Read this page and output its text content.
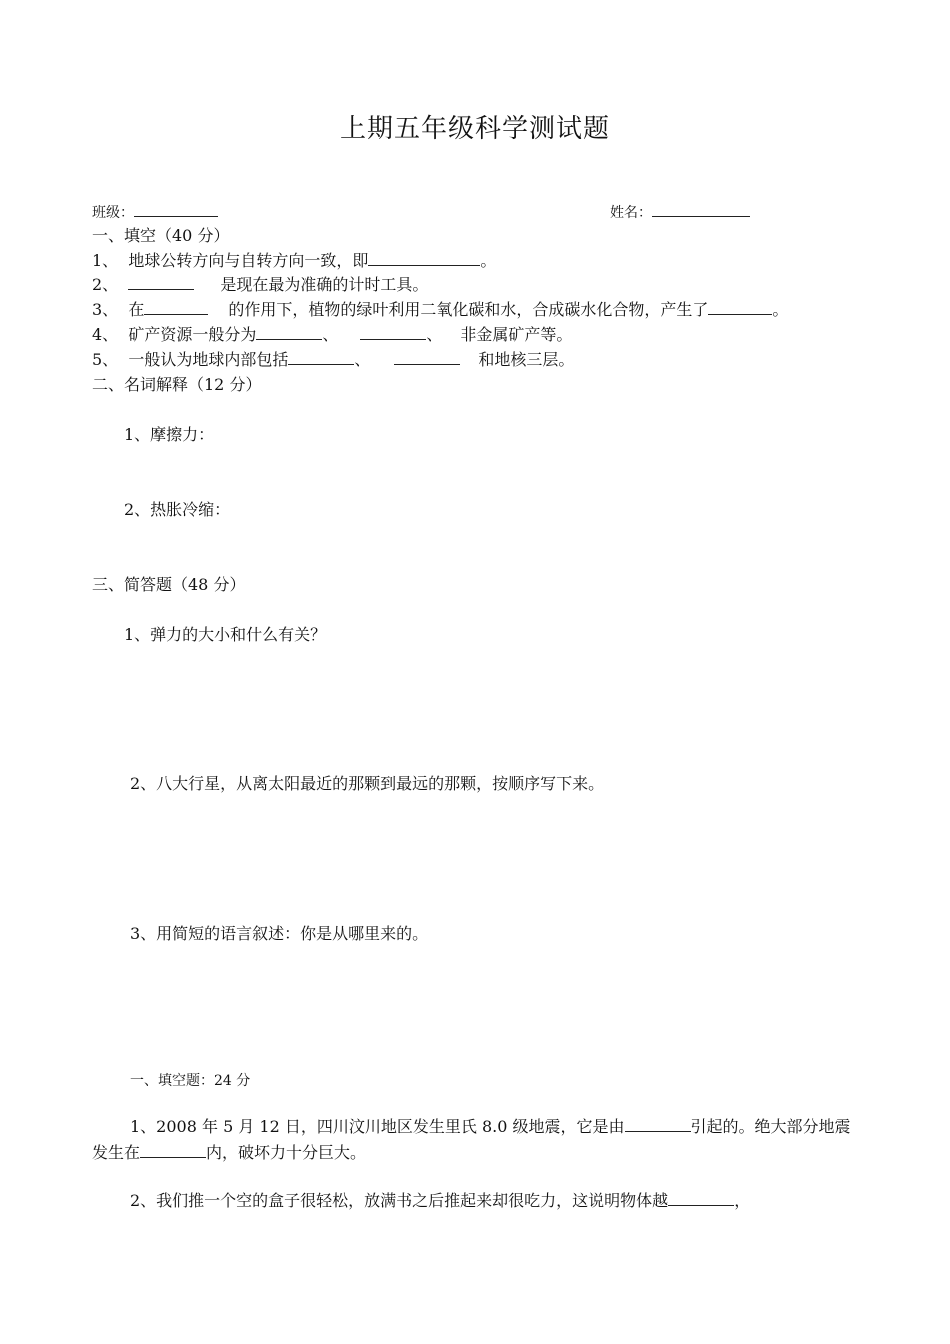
上期五年级科学测试题
班级：	姓名：
一、填空（40 分）
1、 地球公转方向与自转方向一致，即	。
2、	是现在最为准确的计时工具。
3、 在	的作用下，植物的绿叶利用二氧化碳和水，合成碳水化合物，产生了	。
4、 矿产资源一般分为	、	、 非金属矿产等。
5、 一般认为地球内部包括	、	和地核三层。
二、名词解释（12 分）
1、摩擦力：
2、热胀冷缩：
三、简答题（48 分）
1、弹力的大小和什么有关？
2、八大行星，从离太阳最近的那颗到最远的那颗，按顺序写下来。
3、用简短的语言叙述：你是从哪里来的。
一、填空题：24 分
1、2008 年 5 月 12 日，四川汶川地区发生里氏 8.0 级地震，它是由	引起的。绝大部分地震发生在	内，破坏力十分巨大。
2、我们推一个空的盒子很轻松，放满书之后推起来却很吃力，这说明物体越	，
